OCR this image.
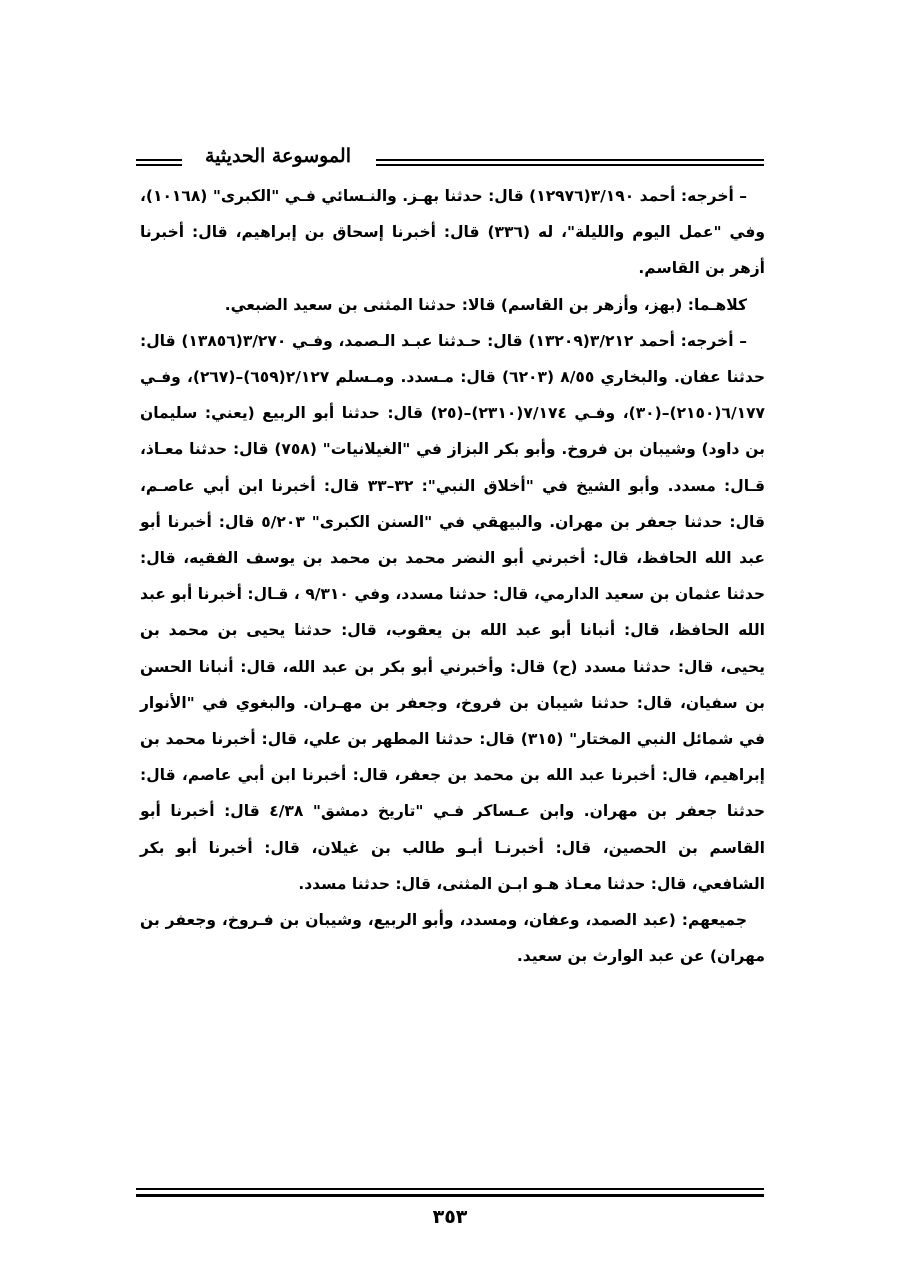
الموسوعة الحديثية

– أخرجه: أحمد ٣/١٩٠(١٢٩٧٦) قال: حدثنا بهـز. والنـسائي فـي "الكبرى" (١٠١٦٨)، وفي "عمل اليوم والليلة"، له (٣٣٦) قال: أخبرنا إسحاق بن إبراهيم، قال: أخبرنا أزهر بن القاسم.

كلاهـما: (بهز، وأزهر بن القاسم) قالا: حدثنا المثنى بن سعيد الضبعي.

– أخرجه: أحمد ٣/٢١٢(١٣٢٠٩) قال: حـدثنا عبـد الـصمد، وفـي ٣/٢٧٠(١٣٨٥٦) قال: حدثنا عفان. والبخاري ٨/٥٥ (٦٢٠٣) قال: مـسدد. ومـسلم ٢/١٢٧(٦٥٩)–(٢٦٧)، وفـي ٦/١٧٧(٢١٥٠)–(٣٠)، وفـي ٧/١٧٤(٢٣١٠)–(٢٥) قال: حدثنا أبو الربيع (يعني: سليمان بن داود) وشيبان بن فروخ. وأبو بكر البزاز في "الغيلانيات" (٧٥٨) قال: حدثنا معـاذ، قـال: مسدد. وأبو الشيخ في "أخلاق النبي": ٣٢–٣٣ قال: أخبرنا ابن أبي عاصـم، قال: حدثنا جعفر بن مهران. والبيهقي في "السنن الكبرى" ٥/٢٠٣ قال: أخبرنا أبو عبد الله الحافظ، قال: أخبرني أبو النضر محمد بن محمد بن يوسف الفقيه، قال: حدثنا عثمان بن سعيد الدارمي، قال: حدثنا مسدد، وفي ٩/٣١٠ ، قـال: أخبرنا أبو عبد الله الحافظ، قال: أنبانا أبو عبد الله بن يعقوب، قال: حدثنا يحيى بن محمد بن يحيى، قال: حدثنا مسدد (ح) قال: وأخبرني أبو بكر بن عبد الله، قال: أنبانا الحسن بن سفيان، قال: حدثنا شيبان بن فروخ، وجعفر بن مهـران. والبغوي في "الأنوار في شمائل النبي المختار" (٣١٥) قال: حدثنا المطهر بن علي، قال: أخبرنا محمد بن إبراهيم، قال: أخبرنا عبد الله بن محمد بن جعفر، قال: أخبرنا ابن أبي عاصم، قال: حدثنا جعفر بن مهران. وابن عـساكر فـي "تاريخ دمشق" ٤/٣٨ قال: أخبرنا أبو القاسم بن الحصين، قال: أخبرنـا أبـو طالب بن غيلان، قال: أخبرنا أبو بكر الشافعي، قال: حدثنا معـاذ هـو ابـن المثنى، قال: حدثنا مسدد.

جميعهم: (عبد الصمد، وعفان، ومسدد، وأبو الربيع، وشيبان بن فـروخ، وجعفر بن مهران) عن عبد الوارث بن سعيد.

٣٥٣
